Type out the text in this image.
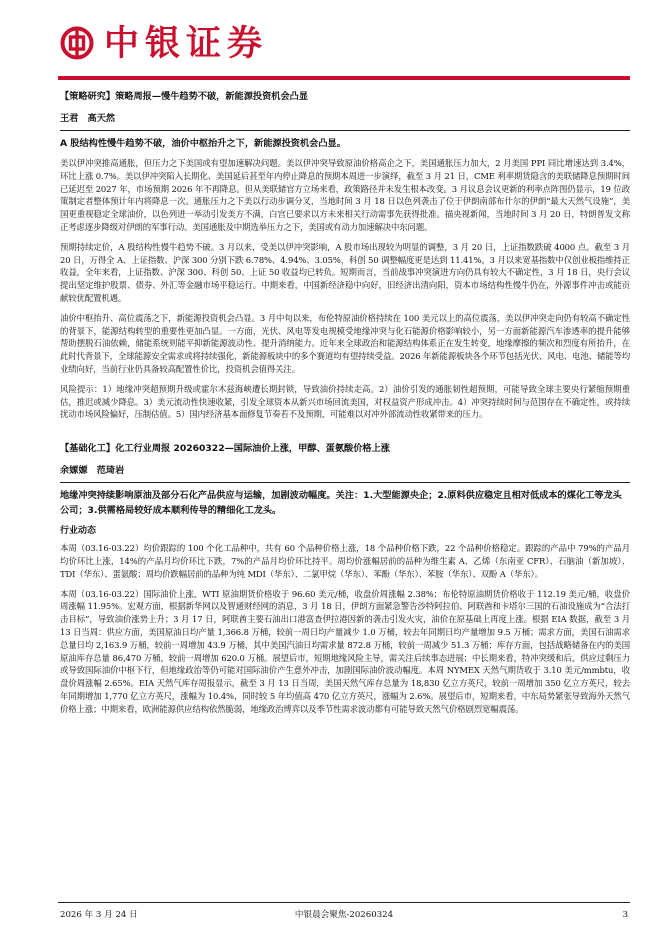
中银证券
【策略研究】策略周报—慢牛趋势不破，新能源投资机会凸显
王君　高天然
A 股结构性慢牛趋势不破，油价中枢抬升之下，新能源投资机会凸显。

美以伊冲突推高通胀，但压力之下美国或有望加速解决问题。美以伊冲突导致原油价格高企之下，美国通胀压力加大，2 月美国 PPI 同比增速达到 3.4%，环比上涨 0.7%。美以伊冲突陷入长期化、美国延后甚至年内停止降息的预期本周进一步演绎，截至 3 月 21 日，CME 利率期货隐含的美联储降息预期时间已延迟至 2027 年，市场预期 2026 年不再降息。但从美联储官方立场来看，政策路径并未发生根本改变。3 月议息会议更新的利率点阵图仍显示，19 位政策制定者整体预计年内将降息一次。通胀压力之下美以行动步调分叉，当地时间 3 月 18 日以色列袭击了位于伊朗南部布什尔的伊朗“最大天然气设施”，美国更重视稳定全球油价，以色列进一举动引发美方不满，白宫已要求以方未来相关行动需事先获得批准。描央视新闻，当地时间 3 月 20 日，特朗普发文称正考虑逐步降级对伊朗的军事行动。美国通胀及中期选举压力之下，美国或有动力加速解决中东问题。

预期持续定价，A 股结构性慢牛趋势不破。3 月以来，受美以伊冲突影响，A 股市场出现较为明显的调整，3 月 20 日，上证指数跌破 4000 点。截至 3 月 20 日，万得全 A、上证指数、沪深 300 分别下跌 6.78%、4.94%、3.05%，科创 50 调整幅度更是达到 11.41%。3 月以来宽基指数中仅创业板指维持正收益，全年来看，上证指数、沪深 300、科创 50、上证 50 收益均已转负。短期而言，当前战事冲突演进方向仍具有较大不确定性，3 月 18 日，央行会议提出坚定维护股票、债券、外汇等金融市场平稳运行。中期来看，中国新经济稳中向好，旧经济出清向阳，资本市场结构性慢牛仍在，外源事件冲击或能贡献较优配置机遇。

油价中枢抬升、高位震荡之下，新能源投资机会凸显。3 月中旬以来，布伦特原油价格持续在 100 美元以上的高位震荡，美以伊冲突走向仍有较高不确定性的背景下，能源结构转型的重要性更加凸显。一方面，光伏、风电等发电规模受地缘冲突与化石能源价格影响较小，另一方面新能源汽车渗透率的提升能够帮助摆脱石油依赖，储能系统则能平抑新能源波动性、提升消纳能力。近年来全球政治和能源结构体系正在发生转变，地缘摩擦的频次和烈度有所抬升，在此时代背景下，全球能源安全需求或将持续强化，新能源板块中的多个赛道均有望持续受益。2026 年新能源板块各个环节包括光伏、风电、电池、储能等均业绩向好，当前行业仍具备较高配置性价比，投资机会值得关注。

风险提示：1）地缘冲突超预期升级或霍尔木兹海峡遭长期封锁，导致油价持续走高。2）油价引发的通胀韧性超预期，可能导致全球主要央行紧缩预期重估，推迟或减少降息。3）美元流动性快速收紧，引发全球资本从新兴市场回流美国，对权益资产形成冲击。4）冲突持续时间与范围存在不确定性，或持续扰动市场风险偏好，压制估值。5）国内经济基本面修复节奏若不及预期，可能难以对冲外部流动性收紧带来的压力。

【基础化工】化工行业周报 20260322—国际油价上涨，甲醇、蛋氨酸价格上涨
余嫄嫄　范琦岩
地缘冲突持续影响原油及部分石化产品供应与运输，加剧波动幅度。关注：1.大型能源央企；2.原料供应稳定且相对低成本的煤化工等龙头公司；3.供需格局较好成本顺利传导的精细化工龙头。
行业动态

本周（03.16-03.22）均价跟踪的 100 个化工品种中，共有 60 个品种价格上涨，18 个品种价格下跌，22 个品种价格稳定。跟踪的产品中 79%的产品月均价环比上涨，14%的产品月均价环比下跌，7%的产品月均价环比持平。周均价涨幅居前的品种为维生素 A、乙烯（东南亚 CFR）、石脑油（新加坡）、TDI（华东）、蛋氨酸；周均价跌幅居前的品种为纯 MDI（华东）、二氯甲烷（华东）、苯酚（华东）、苯胺（华东）、双酚 A（华东）。

本周（03.16-03.22）国际油价上涨，WTI 原油期货价格收于 96.60 美元/桶，收盘价周涨幅 2.38%；布伦特原油期货价格收于 112.19 美元/桶，收盘价周涨幅 11.95%。宏观方面，根据新华网以及智通财经网的消息，3 月 18 日，伊朗方面紧急警告沙特阿拉伯、阿联酋和卡塔尔三国的石油设施成为“合法打击目标”，导致油价涨势上升；3 月 17 日，阿联酋主要石油出口港富查伊拉港因新的袭击引发火灾，油价在原基础上再度上涨。根据 EIA 数据，截至 3 月 13 日当周：供应方面，美国原油日均产量 1,366.8 万桶，较前一周日均产量减少 1.0 万桶，较去年同期日均产量增加 9.5 万桶；需求方面，美国石油需求总量日均 2,163.9 万桶，较前一周增加 43.9 万桶，其中美国汽油日均需求量 872.8 万桶，较前一周减少 51.3 万桶；库存方面，包括战略储备在内的美国原油库存总量 86,470 万桶，较前一周增加 620.0 万桶。展望后市，短期地缘风险主导，需关注后续事态进展；中长期来看，特冲突缓和后，供应过剩压力或导致国际油价中枢下行，但地缘政治等仍可能对国际油价产生意外冲击，加剧国际油价波动幅度。本周 NYMEX 天然气期货收于 3.10 美元/mmbtu，收盘价周涨幅 2.65%。EIA 天然气库存周报显示，截至 3 月 13 日当周，美国天然气库存总量为 18,830 亿立方英尺，较前一周增加 350 亿立方英尺，较去年同期增加 1,770 亿立方英尺，涨幅为 10.4%，同时较 5 年均值高 470 亿立方英尺，涨幅为 2.6%。展望后市，短期来看，中东局势紧张导致海外天然气价格上涨；中期来看，欧洲能源供应结构依然脆弱，地缘政治博弈以及季节性需求波动都有可能导致天然气价格剧烈宽幅震荡。

2026 年 3 月 24 日	中银晨会聚焦-20260324	3
